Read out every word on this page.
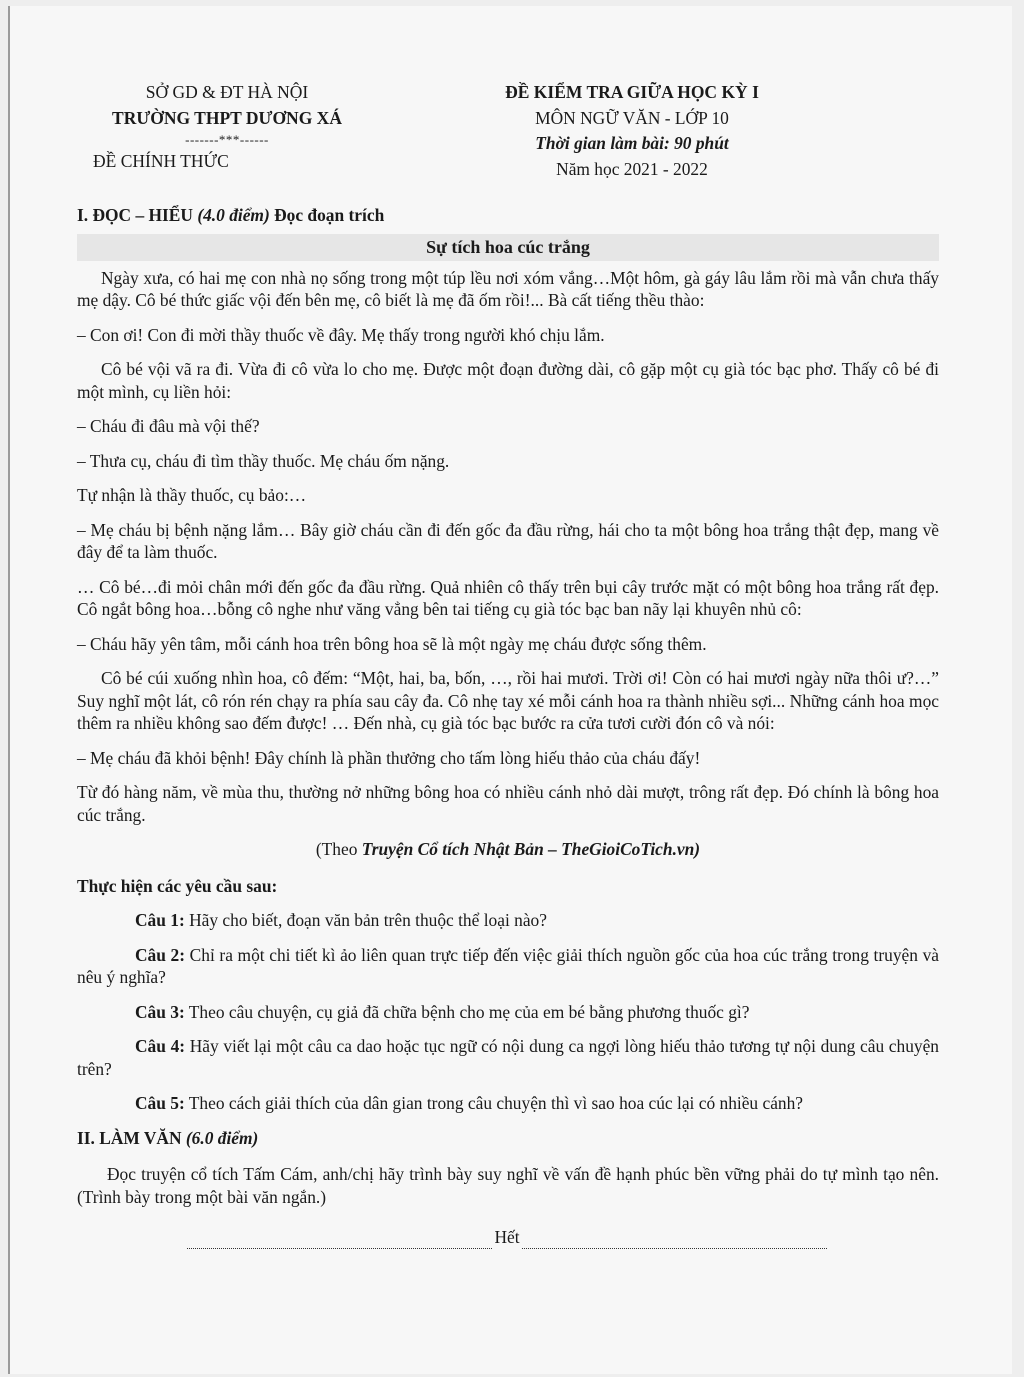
SỞ GD & ĐT HÀ NỘI
TRƯỜNG THPT DƯƠNG XÁ
-------***------
ĐỀ CHÍNH THỨC
ĐỀ KIỂM TRA GIỮA HỌC KỲ I
MÔN NGỮ VĂN - LỚP 10
Thời gian làm bài: 90 phút
Năm học 2021 - 2022
I. ĐỌC – HIỂU (4.0 điểm) Đọc đoạn trích
Sự tích hoa cúc trắng

Ngày xưa, có hai mẹ con nhà nọ sống trong một túp lều nơi xóm vắng…Một hôm, gà gáy lâu lắm rồi mà vẫn chưa thấy mẹ dậy. Cô bé thức giấc vội đến bên mẹ, cô biết là mẹ đã ốm rồi!... Bà cất tiếng thều thào:

– Con ơi! Con đi mời thầy thuốc về đây. Mẹ thấy trong người khó chịu lắm.

Cô bé vội vã ra đi. Vừa đi cô vừa lo cho mẹ. Được một đoạn đường dài, cô gặp một cụ già tóc bạc phơ. Thấy cô bé đi một mình, cụ liền hỏi:

– Cháu đi đâu mà vội thế?

– Thưa cụ, cháu đi tìm thầy thuốc. Mẹ cháu ốm nặng.

Tự nhận là thầy thuốc, cụ bảo:…

– Mẹ cháu bị bệnh nặng lắm… Bây giờ cháu cần đi đến gốc đa đầu rừng, hái cho ta một bông hoa trắng thật đẹp, mang về đây để ta làm thuốc.

… Cô bé…đi mỏi chân mới đến gốc đa đầu rừng. Quả nhiên cô thấy trên bụi cây trước mặt có một bông hoa trắng rất đẹp. Cô ngắt bông hoa…bỗng cô nghe như văng vẳng bên tai tiếng cụ già tóc bạc ban nãy lại khuyên nhủ cô:

– Cháu hãy yên tâm, mỗi cánh hoa trên bông hoa sẽ là một ngày mẹ cháu được sống thêm.

Cô bé cúi xuống nhìn hoa, cô đếm: “Một, hai, ba, bốn, …, rồi hai mươi. Trời ơi! Còn có hai mươi ngày nữa thôi ư?…” Suy nghĩ một lát, cô rón rén chạy ra phía sau cây đa. Cô nhẹ tay xé mỗi cánh hoa ra thành nhiều sợi... Những cánh hoa mọc thêm ra nhiều không sao đếm được! … Đến nhà, cụ già tóc bạc bước ra cửa tươi cười đón cô và nói:

– Mẹ cháu đã khỏi bệnh! Đây chính là phần thưởng cho tấm lòng hiếu thảo của cháu đấy!

Từ đó hàng năm, về mùa thu, thường nở những bông hoa có nhiều cánh nhỏ dài mượt, trông rất đẹp. Đó chính là bông hoa cúc trắng.

(Theo Truyện Cổ tích Nhật Bản – TheGioiCoTich.vn)
Thực hiện các yêu cầu sau:
Câu 1: Hãy cho biết, đoạn văn bản trên thuộc thể loại nào?
Câu 2: Chỉ ra một chi tiết kì ảo liên quan trực tiếp đến việc giải thích nguồn gốc của hoa cúc trắng trong truyện và nêu ý nghĩa?
Câu 3: Theo câu chuyện, cụ giả đã chữa bệnh cho mẹ của em bé bằng phương thuốc gì?
Câu 4: Hãy viết lại một câu ca dao hoặc tục ngữ có nội dung ca ngợi lòng hiếu thảo tương tự nội dung câu chuyện trên?
Câu 5: Theo cách giải thích của dân gian trong câu chuyện thì vì sao hoa cúc lại có nhiều cánh?
II. LÀM VĂN (6.0 điểm)

Đọc truyện cổ tích Tấm Cám, anh/chị hãy trình bày suy nghĩ về vấn đề hạnh phúc bền vững phải do tự mình tạo nên. (Trình bày trong một bài văn ngắn.)

Hết
